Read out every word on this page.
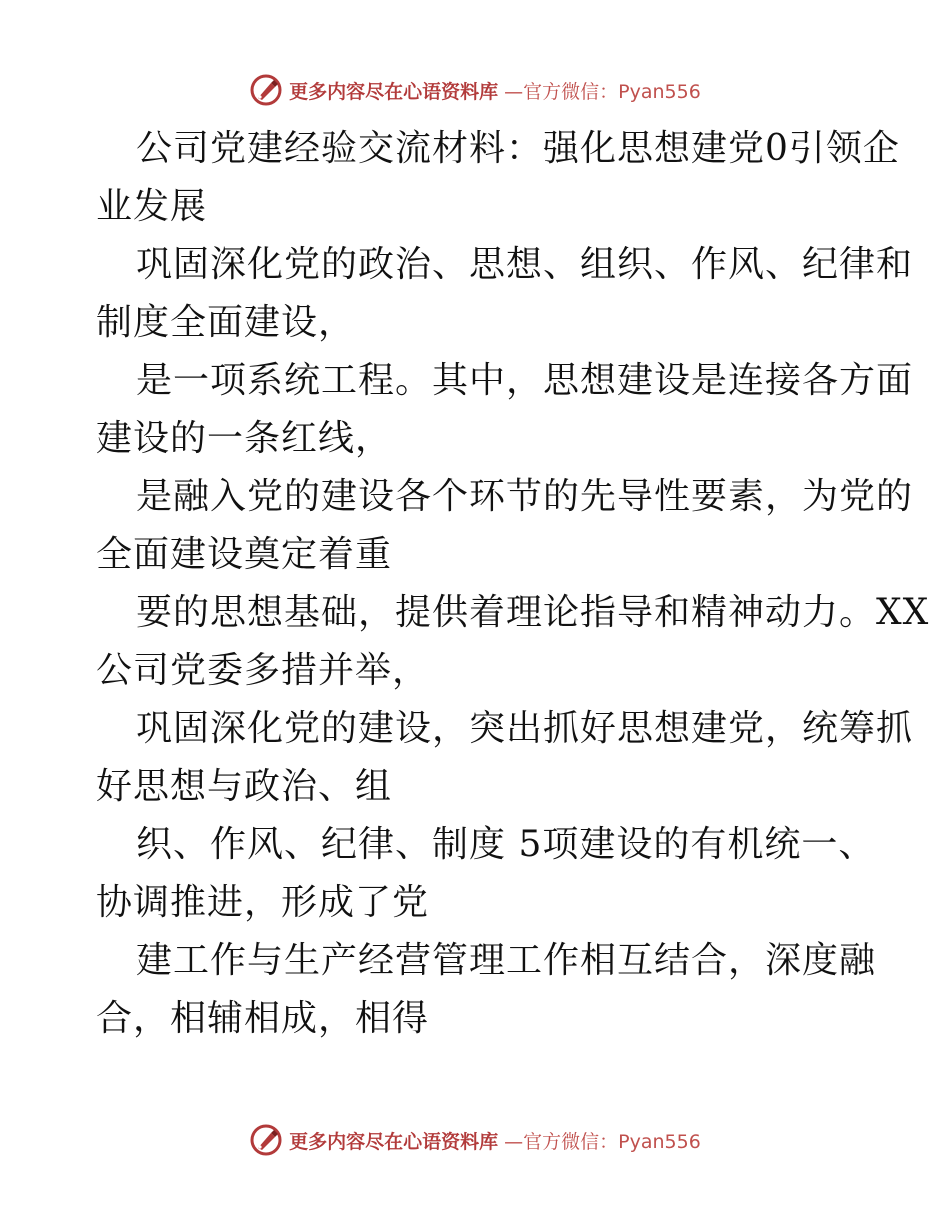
更多内容尽在心语资料库 —官方微信：Pyan556
公司党建经验交流材料：强化思想建党0引领企
业发展
巩固深化党的政治、思想、组织、作风、纪律和
制度全面建设，
是一项系统工程。其中，思想建设是连接各方面
建设的一条红线，
是融入党的建设各个环节的先导性要素，为党的
全面建设奠定着重
要的思想基础，提供着理论指导和精神动力。XX
公司党委多措并举，
巩固深化党的建设，突出抓好思想建党，统筹抓
好思想与政治、组
织、作风、纪律、制度 5项建设的有机统一、
协调推进，形成了党
建工作与生产经营管理工作相互结合，深度融
合，相辅相成，相得
更多内容尽在心语资料库 —官方微信：Pyan556
